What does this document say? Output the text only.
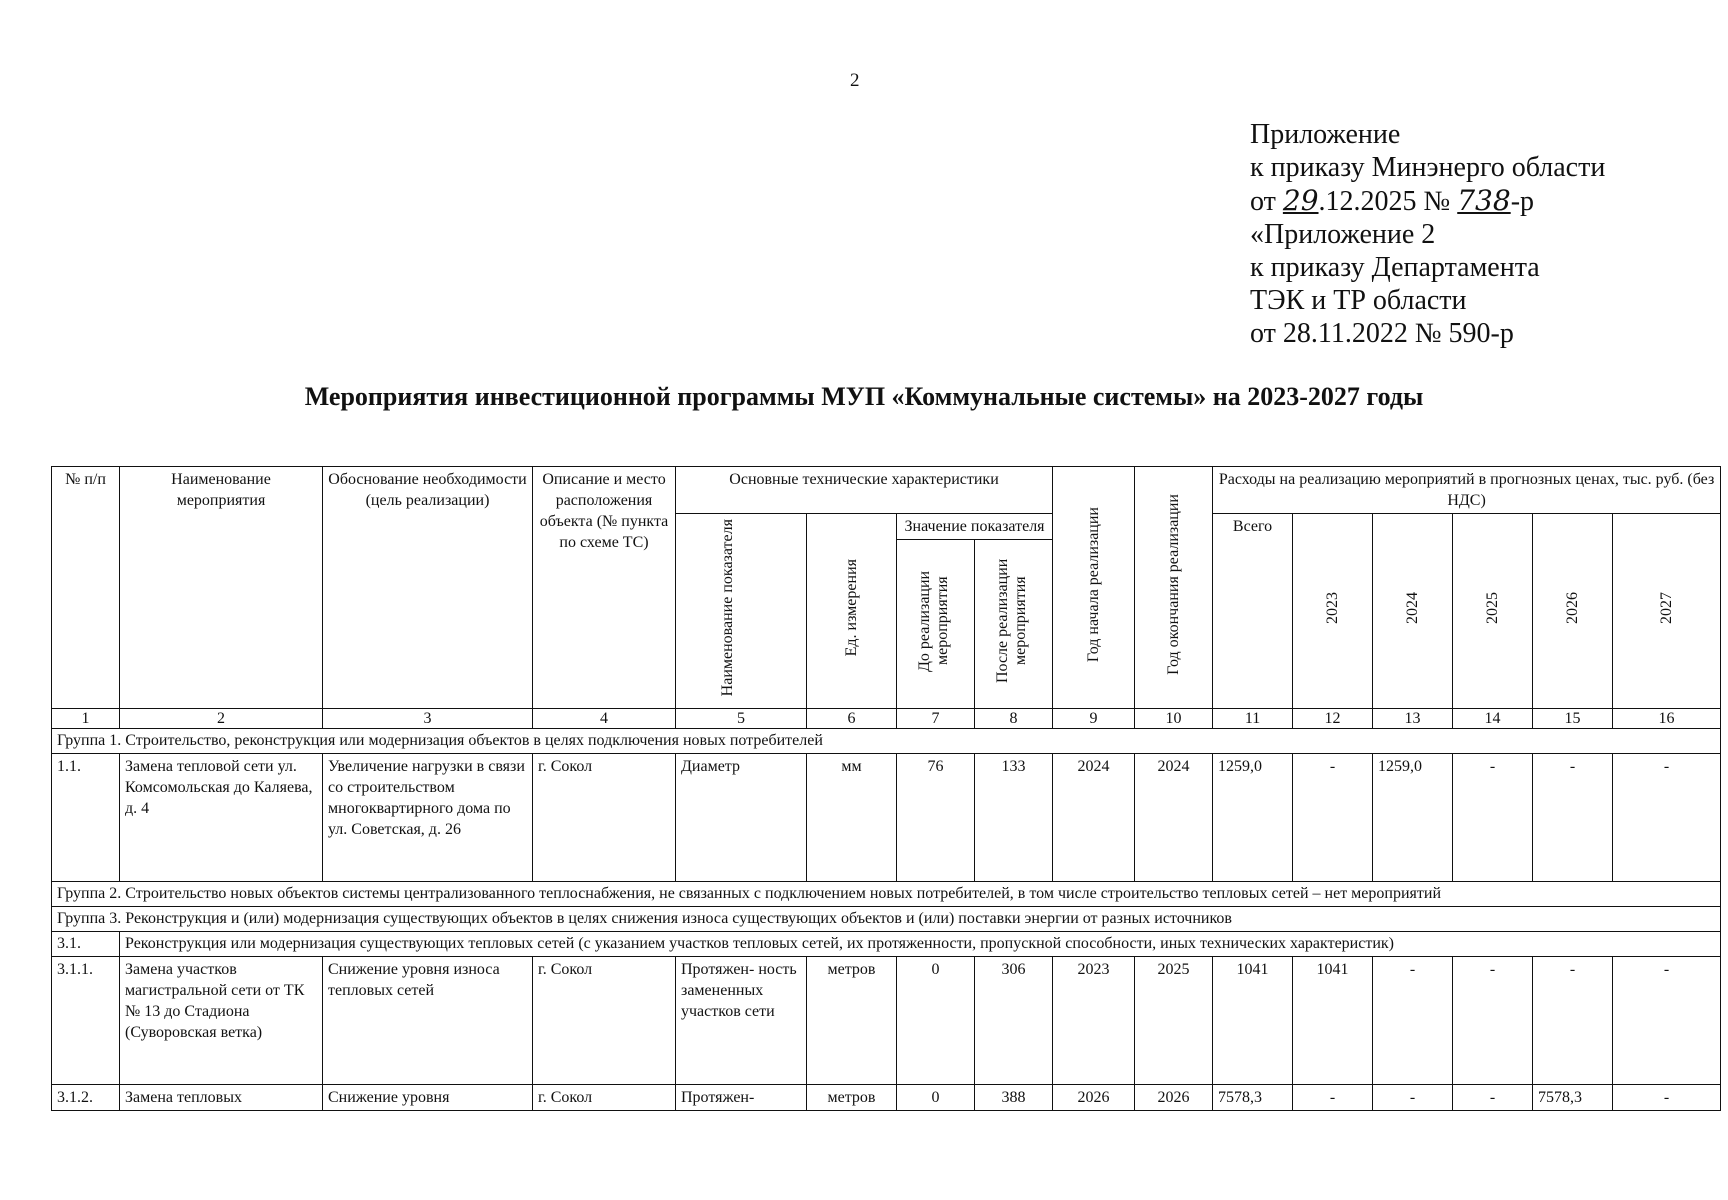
2
Приложение
к приказу Минэнерго области
от 29.12.2025 № 738-р
«Приложение 2
к приказу Департамента
ТЭК и ТР области
от 28.11.2022 № 590-р
Мероприятия инвестиционной программы МУП «Коммунальные системы» на 2023-2027 годы
№ п/п	Наименование мероприятия	Обоснование необходимости (цель реализации)	Описание и место расположения объекта (№ пункта по схеме ТС)	Основные технические характеристики				Год начала реализации	Год окончания реализации	Расходы на реализацию мероприятий в прогнозных ценах, тыс. руб. (без НДС)					
				Наименование показателя	Ед. измерения	Значение показателя				Всего	2023	2024	2025	2026	2027
						До реализации мероприятия	После реализации мероприятия								
1	2	3	4	5	6	7	8	9	10	11	12	13	14	15	16
Группа 1. Строительство, реконструкция или модернизация объектов в целях подключения новых потребителей															
1.1.	Замена тепловой сети ул. Комсомольская до Каляева, д. 4	Увеличение нагрузки в связи со строительством многоквартирного дома по ул. Советская, д. 26	г. Сокол	Диаметр	мм	76	133	2024	2024	1259,0	-	1259,0	-	-	-
Группа 2. Строительство новых объектов системы централизованного теплоснабжения, не связанных с подключением новых потребителей, в том числе строительство тепловых сетей – нет мероприятий															
Группа 3. Реконструкция и (или) модернизация существующих объектов в целях снижения износа существующих объектов и (или) поставки энергии от разных источников															
3.1.	Реконструкция или модернизация существующих тепловых сетей (с указанием участков тепловых сетей, их протяженности, пропускной способности, иных технических характеристик)														
3.1.1.	Замена участков магистральной сети от ТК № 13 до Стадиона (Суворовская ветка)	Снижение уровня износа тепловых сетей	г. Сокол	Протяжен- ность замененных участков сети	метров	0	306	2023	2025	1041	1041	-	-	-	-
3.1.2.	Замена тепловых	Снижение уровня	г. Сокол	Протяжен-	метров	0	388	2026	2026	7578,3	-	-	-	7578,3	-
